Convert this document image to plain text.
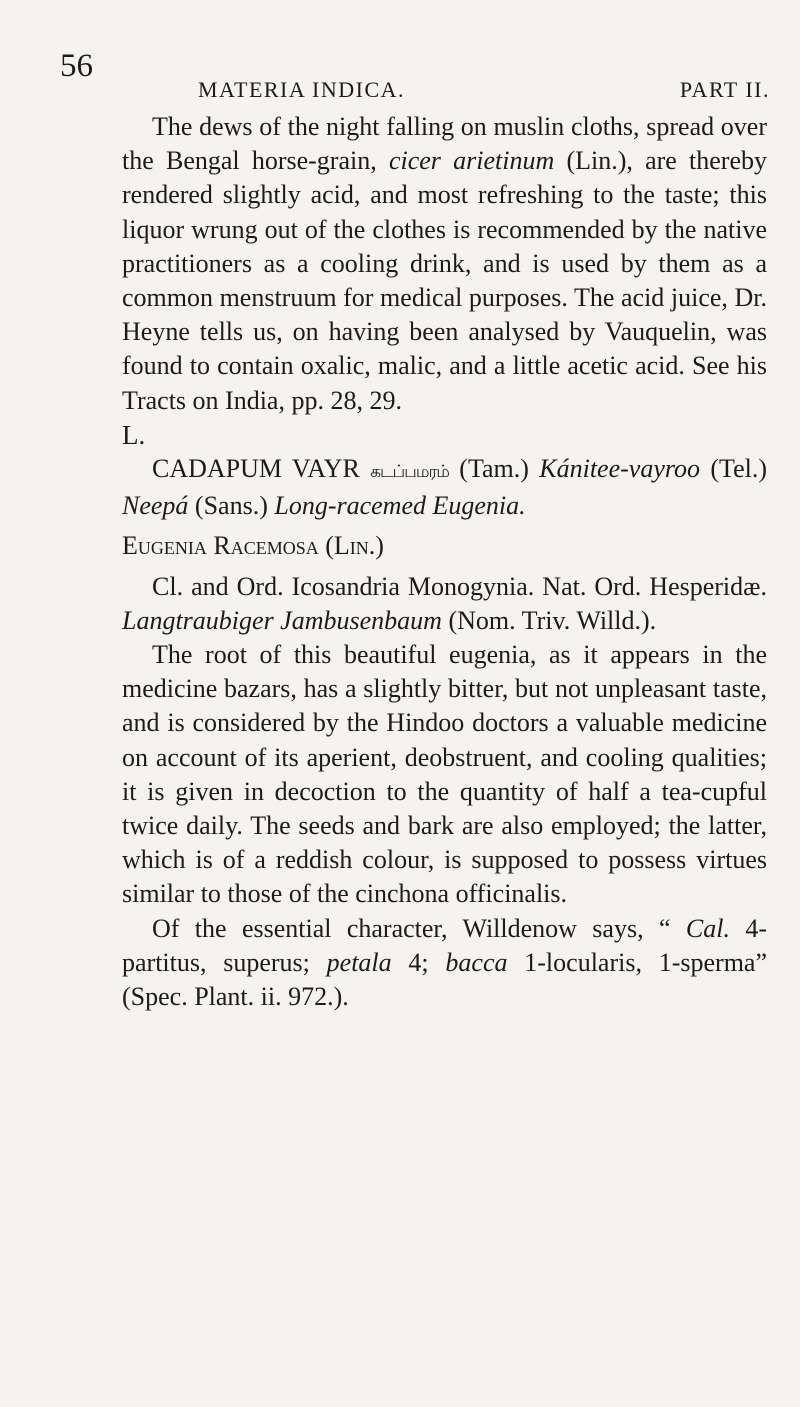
56
MATERIA INDICA.	PART II.

The dews of the night falling on muslin cloths, spread over the Bengal horse-grain, cicer arietinum (Lin.), are thereby rendered slightly acid, and most refreshing to the taste; this liquor wrung out of the clothes is recommended by the native practitioners as a cooling drink, and is used by them as a common menstruum for medical purposes. The acid juice, Dr. Heyne tells us, on having been analysed by Vauquelin, was found to contain oxalic, malic, and a little acetic acid. See his Tracts on India, pp. 28, 29.

L.

CADAPUM VAYR கடப்பமரம் (Tam.) Kánitee-vayroo (Tel.) Neepá (Sans.) Long-racemed Eugenia.

Eugenia Racemosa (Lin.)

Cl. and Ord. Icosandria Monogynia. Nat. Ord. Hesperidæ. Langtraubiger Jambusenbaum (Nom. Triv. Willd.).

The root of this beautiful eugenia, as it appears in the medicine bazars, has a slightly bitter, but not unpleasant taste, and is considered by the Hindoo doctors a valuable medicine on account of its aperient, deobstruent, and cooling qualities; it is given in decoction to the quantity of half a tea-cupful twice daily. The seeds and bark are also employed; the latter, which is of a reddish colour, is supposed to possess virtues similar to those of the cinchona officinalis.

Of the essential character, Willdenow says, “ Cal. 4-partitus, superus; petala 4; bacca 1-locularis, 1-sperma” (Spec. Plant. ii. 972.).
